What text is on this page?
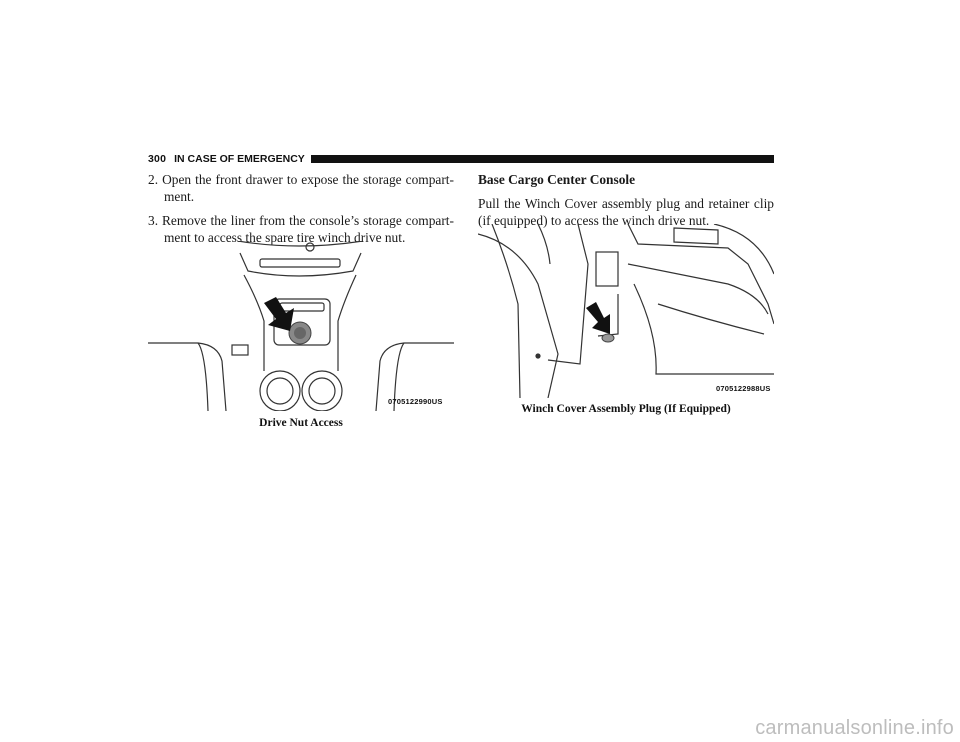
300 IN CASE OF EMERGENCY

2. Open the front drawer to expose the storage compart-ment.

3. Remove the liner from the console’s storage compart-ment to access the spare tire winch drive nut.

0705122990US
Drive Nut Access

Base Cargo Center Console

Pull the Winch Cover assembly plug and retainer clip (if equipped) to access the winch drive nut.

0705122988US
Winch Cover Assembly Plug (If Equipped)
carmanualsonline.info
